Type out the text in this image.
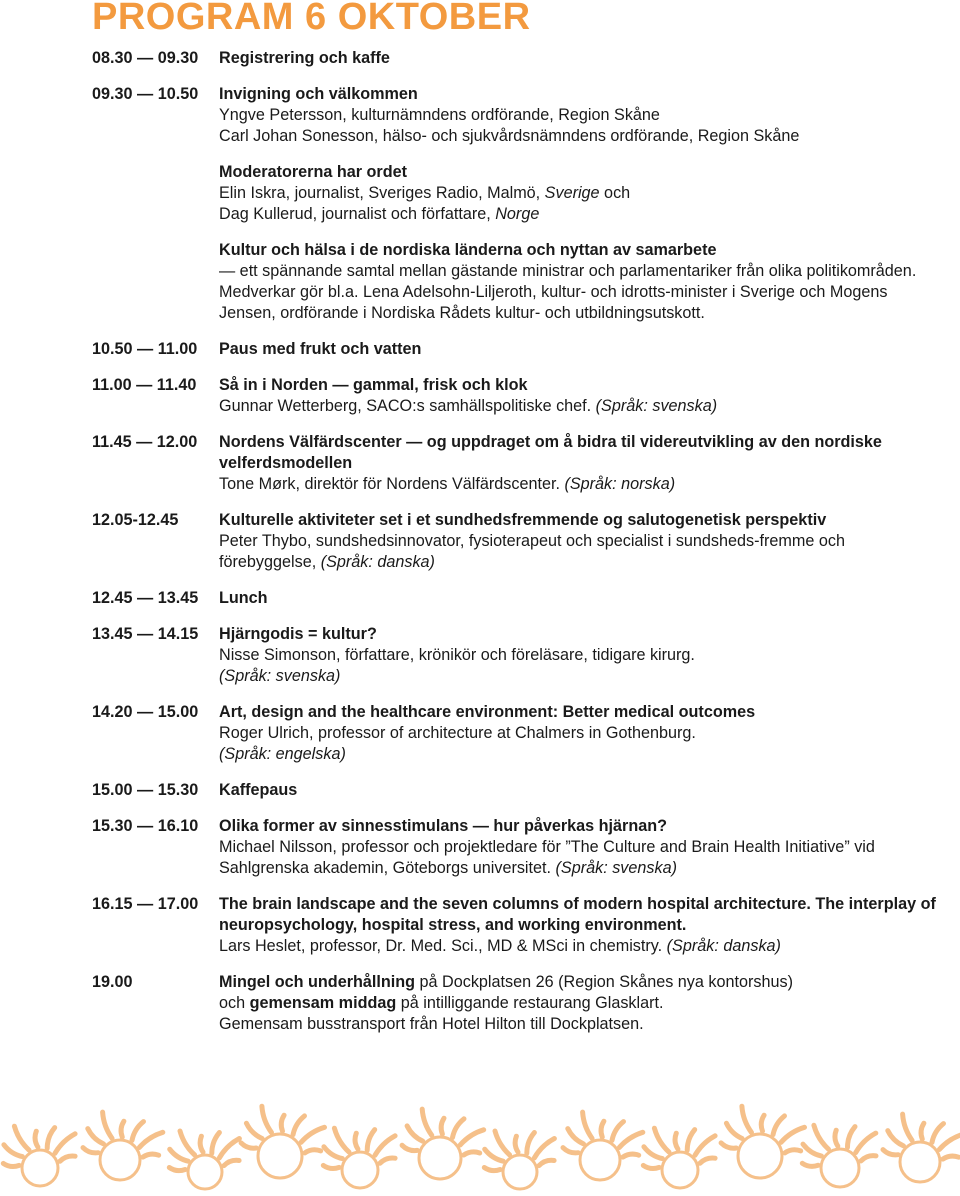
PROGRAM 6 OKTOBER
08.30 — 09.30	Registrering och kaffe
09.30 — 10.50	Invigning och välkommen
Yngve Petersson, kulturnämndens ordförande, Region Skåne
Carl Johan Sonesson, hälso- och sjukvårdsnämndens ordförande, Region Skåne
Moderatorerna har ordet
Elin Iskra, journalist, Sveriges Radio, Malmö, Sverige och
Dag Kullerud, journalist och författare, Norge
Kultur och hälsa i de nordiska länderna och nyttan av samarbete
— ett spännande samtal mellan gästande ministrar och parlamentariker från olika politikområden. Medverkar gör bl.a. Lena Adelsohn-Liljeroth, kultur- och idrotts-minister i Sverige och Mogens Jensen, ordförande i Nordiska Rådets kultur- och utbildningsutskott.
10.50 — 11.00	Paus med frukt och vatten
11.00 — 11.40	Så in i Norden — gammal, frisk och klok
Gunnar Wetterberg, SACO:s samhällspolitiske chef. (Språk: svenska)
11.45 — 12.00	Nordens Välfärdscenter — og uppdraget om å bidra til videreutvikling av den nordiske velferdsmodellen
Tone Mørk, direktör för Nordens Välfärdscenter. (Språk: norska)
12.05-12.45	Kulturelle aktiviteter set i et sundhedsfremmende og salutogenetisk perspektiv
Peter Thybo, sundshedsinnovator, fysioterapeut och specialist i sundsheds-fremme och förebyggelse, (Språk: danska)
12.45 — 13.45	Lunch
13.45 — 14.15	Hjärngodis = kultur?
Nisse Simonson, författare, krönikör och föreläsare, tidigare kirurg.
(Språk: svenska)
14.20 — 15.00	Art, design and the healthcare environment: Better medical outcomes
Roger Ulrich, professor of architecture at Chalmers in Gothenburg.
(Språk: engelska)
15.00 — 15.30	Kaffepaus
15.30 — 16.10	Olika former av sinnesstimulans — hur påverkas hjärnan?
Michael Nilsson, professor och projektledare för ”The Culture and Brain Health Initiative” vid Sahlgrenska akademin, Göteborgs universitet. (Språk: svenska)
16.15 — 17.00	The brain landscape and the seven columns of modern hospital architecture. The interplay of neuropsychology, hospital stress, and working environment.
Lars Heslet, professor, Dr. Med. Sci., MD & MSci in chemistry. (Språk: danska)
19.00	Mingel och underhållning på Dockplatsen 26 (Region Skånes nya kontorshus)
och gemensam middag på intilliggande restaurang Glasklart.
Gemensam busstransport från Hotel Hilton till Dockplatsen.
